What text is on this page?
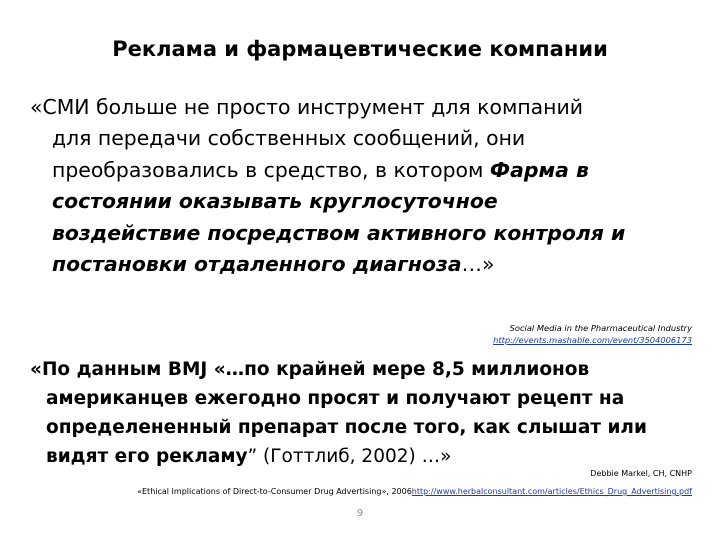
Реклама и фармацевтические компании
«СМИ больше не просто инструмент для компаний
для передачи собственных сообщений, они
преобразовались в средство, в котором Фарма в
состоянии оказывать круглосуточное
воздействие посредством активного контроля и
постановки отдаленного диагноза…»
Social Media in the Pharmaceutical Industry
http://events.mashable.com/event/3504006173
«По данным BMJ «…по крайней мере 8,5 миллионов
американцев ежегодно просят и получают рецепт на
определененный препарат после того, как слышат или
видят его рекламу” (Готтлиб, 2002) …»
Debbie Markel, CH, CNHP
«Ethical Implications of Direct-to-Consumer Drug Advertising», 2006http://www.herbalconsultant.com/articles/Ethics_Drug_Advertising.pdf
9
